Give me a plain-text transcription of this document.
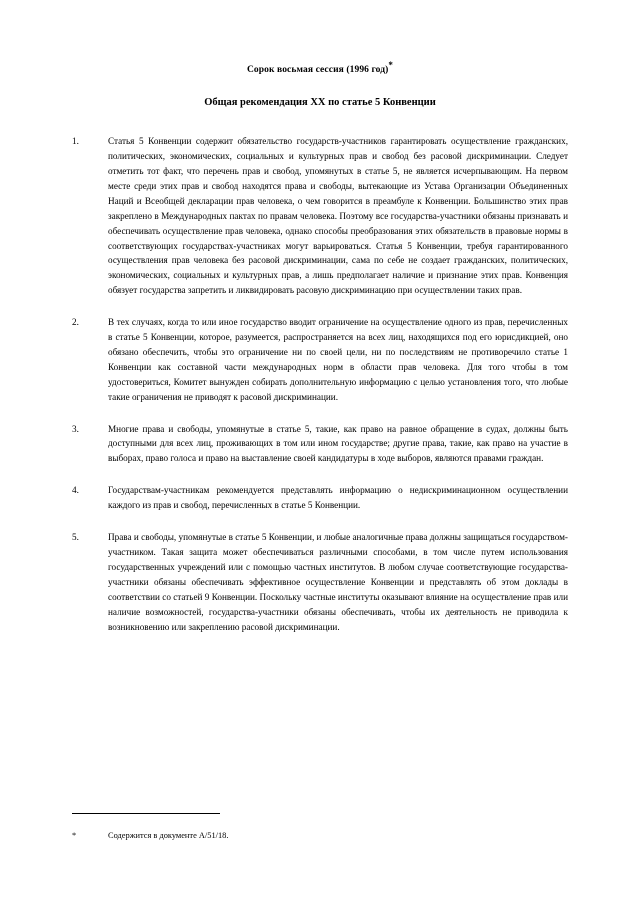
Сорок восьмая сессия (1996 год)*
Общая рекомендация XX по статье 5 Конвенции
1.	Статья 5 Конвенции содержит обязательство государств-участников гарантировать осуществление гражданских, политических, экономических, социальных и культурных прав и свобод без расовой дискриминации. Следует отметить тот факт, что перечень прав и свобод, упомянутых в статье 5, не является исчерпывающим. На первом месте среди этих прав и свобод находятся права и свободы, вытекающие из Устава Организации Объединенных Наций и Всеобщей декларации прав человека, о чем говорится в преамбуле к Конвенции. Большинство этих прав закреплено в Международных пактах по правам человека. Поэтому все государства-участники обязаны признавать и обеспечивать осуществление прав человека, однако способы преобразования этих обязательств в правовые нормы в соответствующих государствах-участниках могут варьироваться. Статья 5 Конвенции, требуя гарантированного осуществления прав человека без расовой дискриминации, сама по себе не создает гражданских, политических, экономических, социальных и культурных прав, а лишь предполагает наличие и признание этих прав. Конвенция обязует государства запретить и ликвидировать расовую дискриминацию при осуществлении таких прав.
2.	В тех случаях, когда то или иное государство вводит ограничение на осуществление одного из прав, перечисленных в статье 5 Конвенции, которое, разумеется, распространяется на всех лиц, находящихся под его юрисдикцией, оно обязано обеспечить, чтобы это ограничение ни по своей цели, ни по последствиям не противоречило статье 1 Конвенции как составной части международных норм в области прав человека. Для того чтобы в том удостовериться, Комитет вынужден собирать дополнительную информацию с целью установления того, что любые такие ограничения не приводят к расовой дискриминации.
3.	Многие права и свободы, упомянутые в статье 5, такие, как право на равное обращение в судах, должны быть доступными для всех лиц, проживающих в том или ином государстве; другие права, такие, как право на участие в выборах, право голоса и право на выставление своей кандидатуры в ходе выборов, являются правами граждан.
4.	Государствам-участникам рекомендуется представлять информацию о недискриминационном осуществлении каждого из прав и свобод, перечисленных в статье 5 Конвенции.
5.	Права и свободы, упомянутые в статье 5 Конвенции, и любые аналогичные права должны защищаться государством-участником. Такая защита может обеспечиваться различными способами, в том числе путем использования государственных учреждений или с помощью частных институтов. В любом случае соответствующие государства-участники обязаны обеспечивать эффективное осуществление Конвенции и представлять об этом доклады в соответствии со статьей 9 Конвенции. Поскольку частные институты оказывают влияние на осуществление прав или наличие возможностей, государства-участники обязаны обеспечивать, чтобы их деятельность не приводила к возникновению или закреплению расовой дискриминации.
*	Содержится в документе A/51/18.
